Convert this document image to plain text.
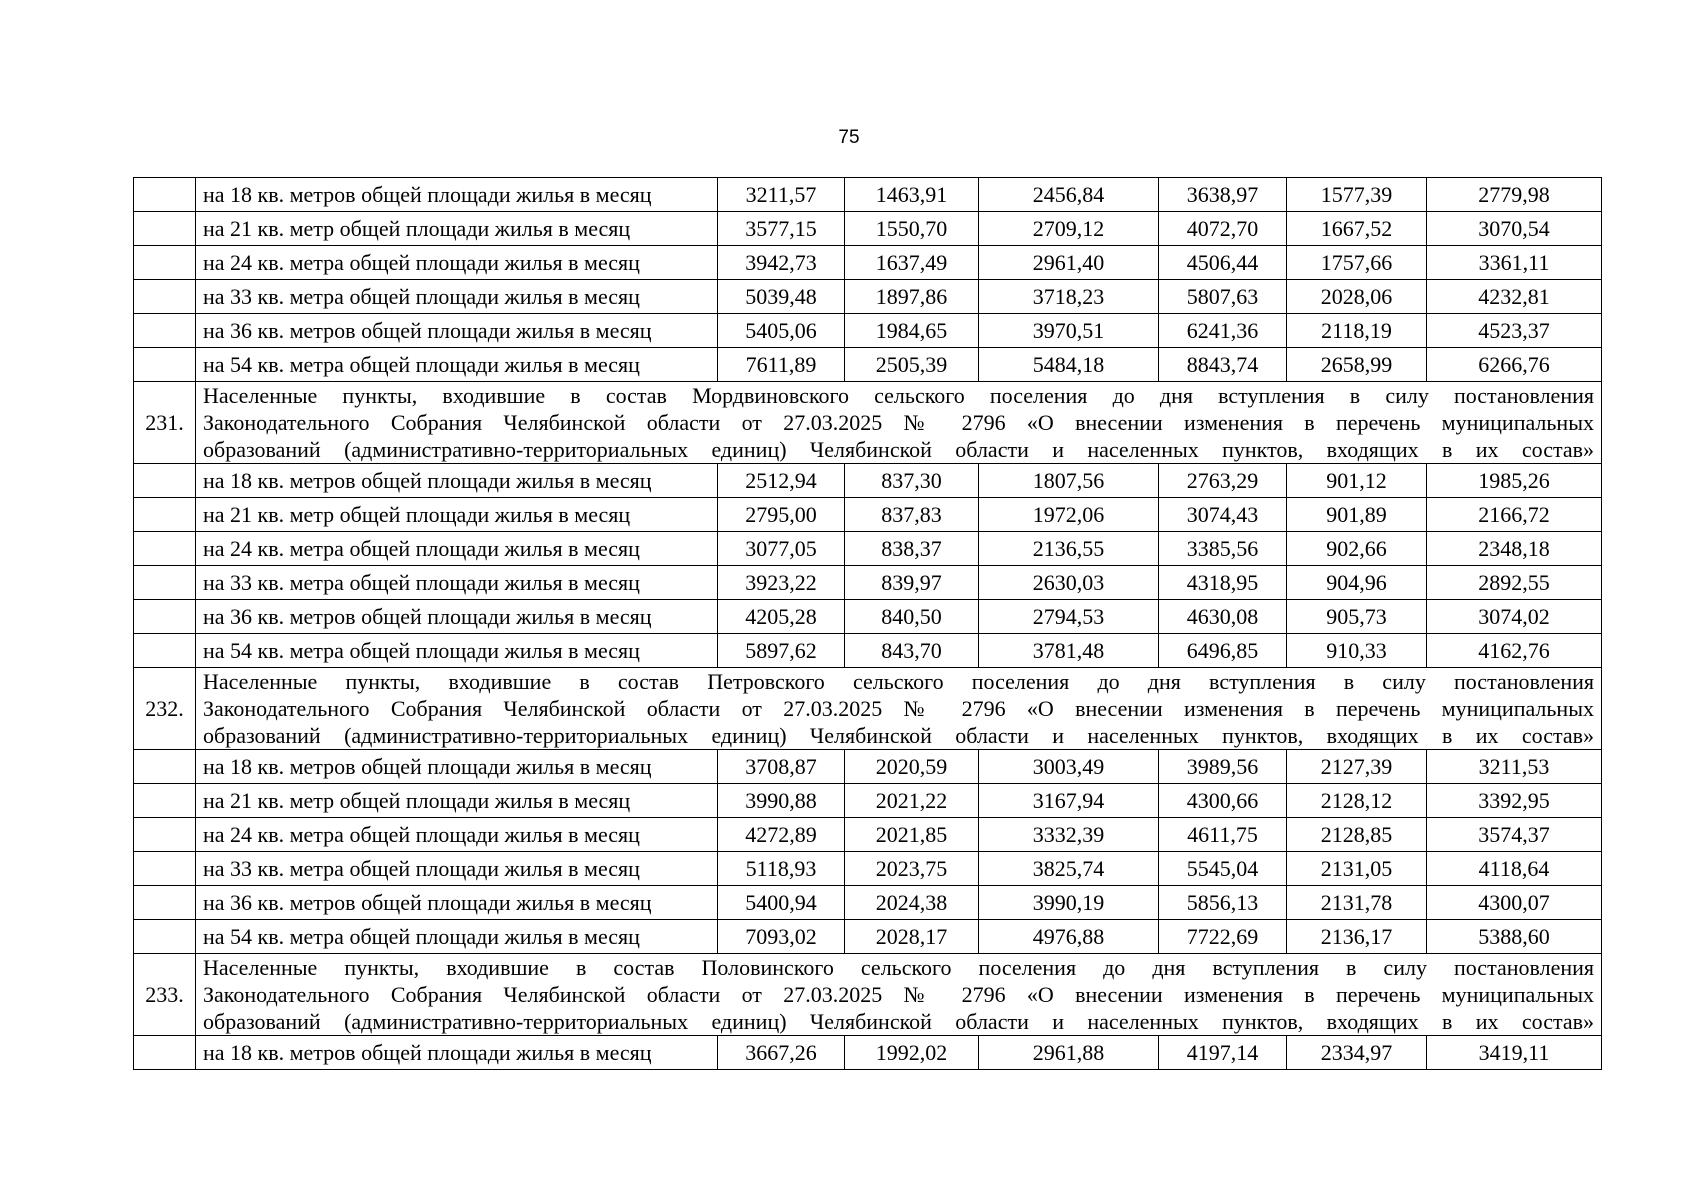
75
	на 18 кв. метров общей площади жилья в месяц	3211,57	1463,91	2456,84	3638,97	1577,39	2779,98
	на 21 кв. метр общей площади жилья в месяц	3577,15	1550,70	2709,12	4072,70	1667,52	3070,54
	на 24 кв. метра общей площади жилья в месяц	3942,73	1637,49	2961,40	4506,44	1757,66	3361,11
	на 33 кв. метра общей площади жилья в месяц	5039,48	1897,86	3718,23	5807,63	2028,06	4232,81
	на 36 кв. метров общей площади жилья в месяц	5405,06	1984,65	3970,51	6241,36	2118,19	4523,37
	на 54 кв. метра общей площади жилья в месяц	7611,89	2505,39	5484,18	8843,74	2658,99	6266,76
231.	Населенные пункты, входившие в состав Мордвиновского сельского поселения до дня вступления в силу постановления
Законодательного Собрания Челябинской области от 27.03.2025 № 2796 «О внесении изменения в перечень муниципальных
образований (административно-территориальных единиц) Челябинской области и населенных пунктов, входящих в их состав»						

	на 18 кв. метров общей площади жилья в месяц	2512,94	837,30	1807,56	2763,29	901,12	1985,26
	на 21 кв. метр общей площади жилья в месяц	2795,00	837,83	1972,06	3074,43	901,89	2166,72
	на 24 кв. метра общей площади жилья в месяц	3077,05	838,37	2136,55	3385,56	902,66	2348,18
	на 33 кв. метра общей площади жилья в месяц	3923,22	839,97	2630,03	4318,95	904,96	2892,55
	на 36 кв. метров общей площади жилья в месяц	4205,28	840,50	2794,53	4630,08	905,73	3074,02
	на 54 кв. метра общей площади жилья в месяц	5897,62	843,70	3781,48	6496,85	910,33	4162,76
232.	Населенные пункты, входившие в состав Петровского сельского поселения до дня вступления в силу постановления
Законодательного Собрания Челябинской области от 27.03.2025 № 2796 «О внесении изменения в перечень муниципальных
образований (административно-территориальных единиц) Челябинской области и населенных пунктов, входящих в их состав»						

	на 18 кв. метров общей площади жилья в месяц	3708,87	2020,59	3003,49	3989,56	2127,39	3211,53
	на 21 кв. метр общей площади жилья в месяц	3990,88	2021,22	3167,94	4300,66	2128,12	3392,95
	на 24 кв. метра общей площади жилья в месяц	4272,89	2021,85	3332,39	4611,75	2128,85	3574,37
	на 33 кв. метра общей площади жилья в месяц	5118,93	2023,75	3825,74	5545,04	2131,05	4118,64
	на 36 кв. метров общей площади жилья в месяц	5400,94	2024,38	3990,19	5856,13	2131,78	4300,07
	на 54 кв. метра общей площади жилья в месяц	7093,02	2028,17	4976,88	7722,69	2136,17	5388,60
233.	Населенные пункты, входившие в состав Половинского сельского поселения до дня вступления в силу постановления
Законодательного Собрания Челябинской области от 27.03.2025 № 2796 «О внесении изменения в перечень муниципальных
образований (административно-территориальных единиц) Челябинской области и населенных пунктов, входящих в их состав»						

	на 18 кв. метров общей площади жилья в месяц	3667,26	1992,02	2961,88	4197,14	2334,97	3419,11
